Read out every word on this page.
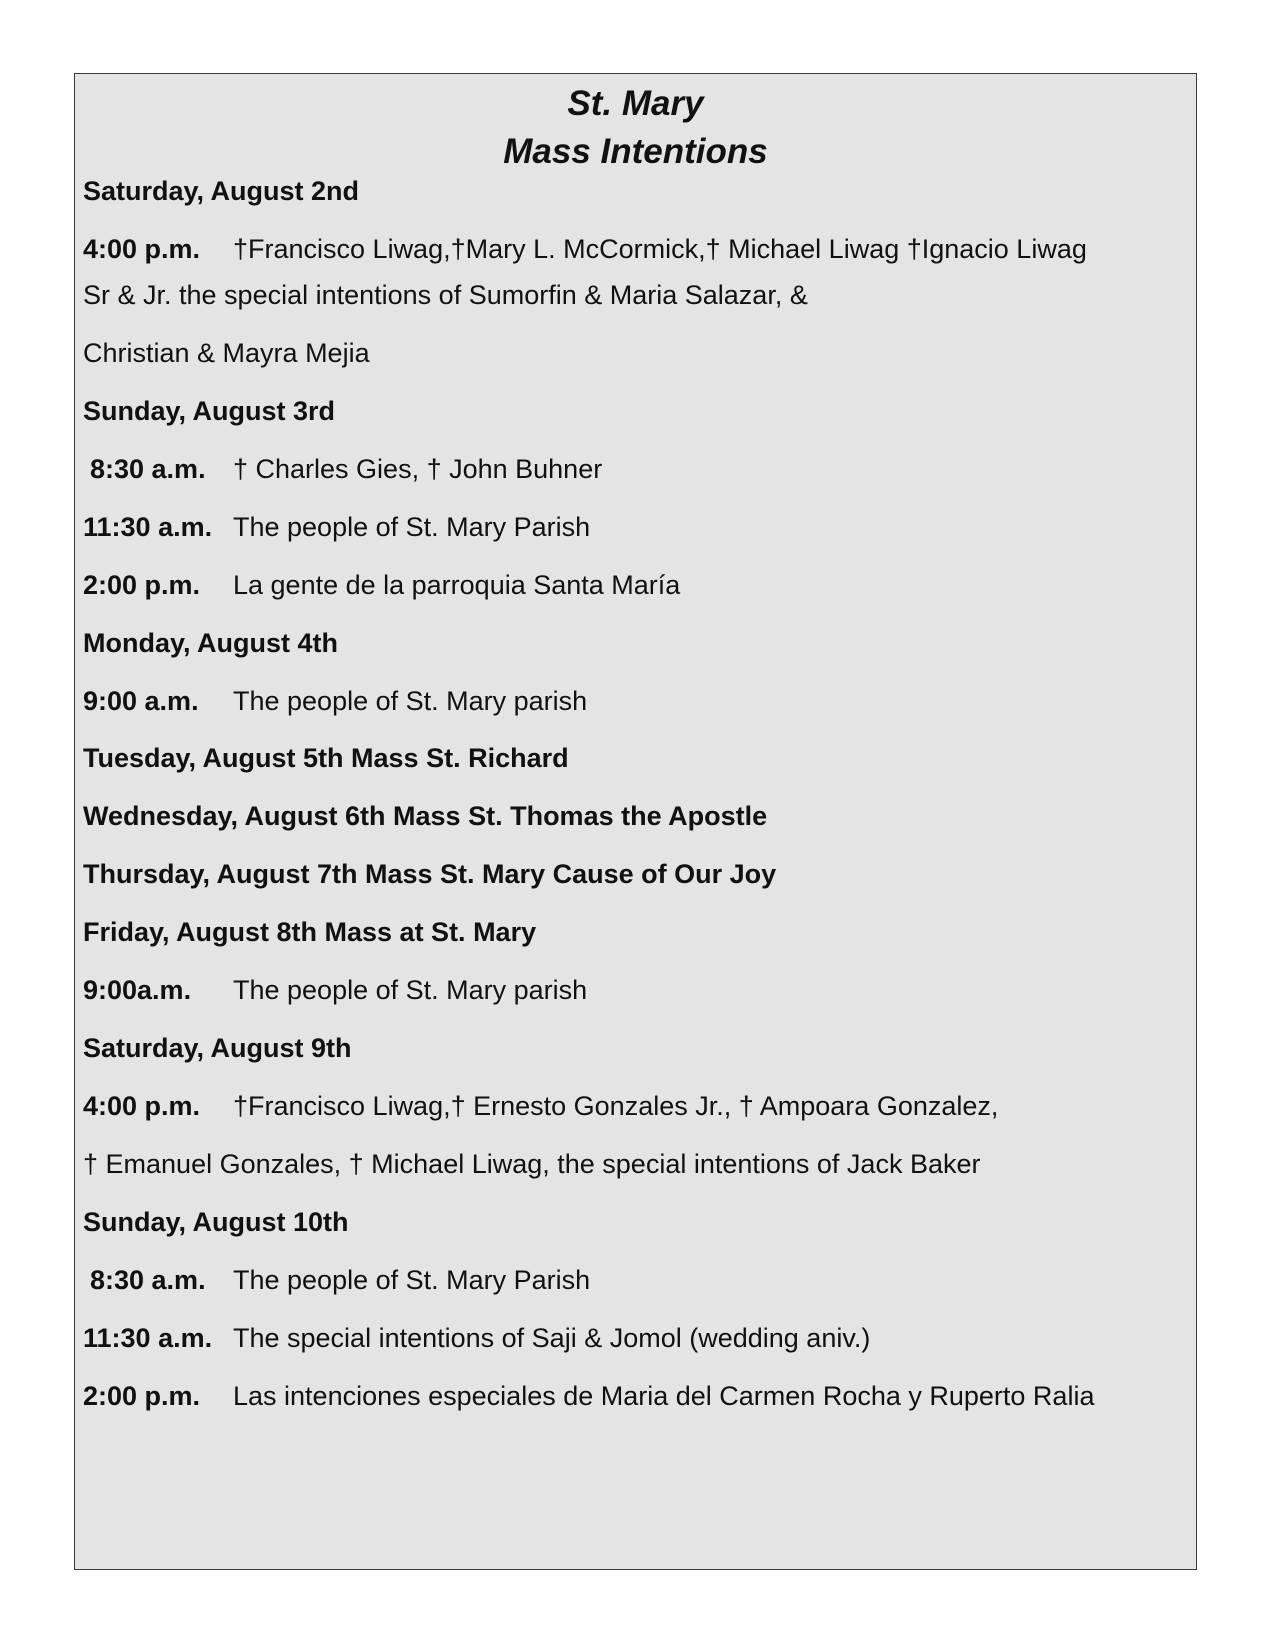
St. Mary
Mass Intentions
Saturday, August 2nd
4:00 p.m. †Francisco Liwag,†Mary L. McCormick,† Michael Liwag †Ignacio Liwag
Sr & Jr. the special intentions of Sumorfin & Maria Salazar, &
Christian & Mayra Mejia
Sunday, August 3rd
8:30 a.m. † Charles Gies, † John Buhner
11:30 a.m. The people of St. Mary Parish
2:00 p.m. La gente de la parroquia Santa María
Monday, August 4th
9:00 a.m. The people of St. Mary parish
Tuesday, August 5th Mass St. Richard
Wednesday, August 6th Mass St. Thomas the Apostle
Thursday, August 7th Mass St. Mary Cause of Our Joy
Friday, August 8th Mass at St. Mary
9:00a.m. The people of St. Mary parish
Saturday, August 9th
4:00 p.m. †Francisco Liwag,† Ernesto Gonzales Jr., † Ampoara Gonzalez,
† Emanuel Gonzales, † Michael Liwag, the special intentions of Jack Baker
Sunday, August 10th
8:30 a.m. The people of St. Mary Parish
11:30 a.m. The special intentions of Saji & Jomol (wedding aniv.)
2:00 p.m. Las intenciones especiales de Maria del Carmen Rocha y Ruperto Ralia
